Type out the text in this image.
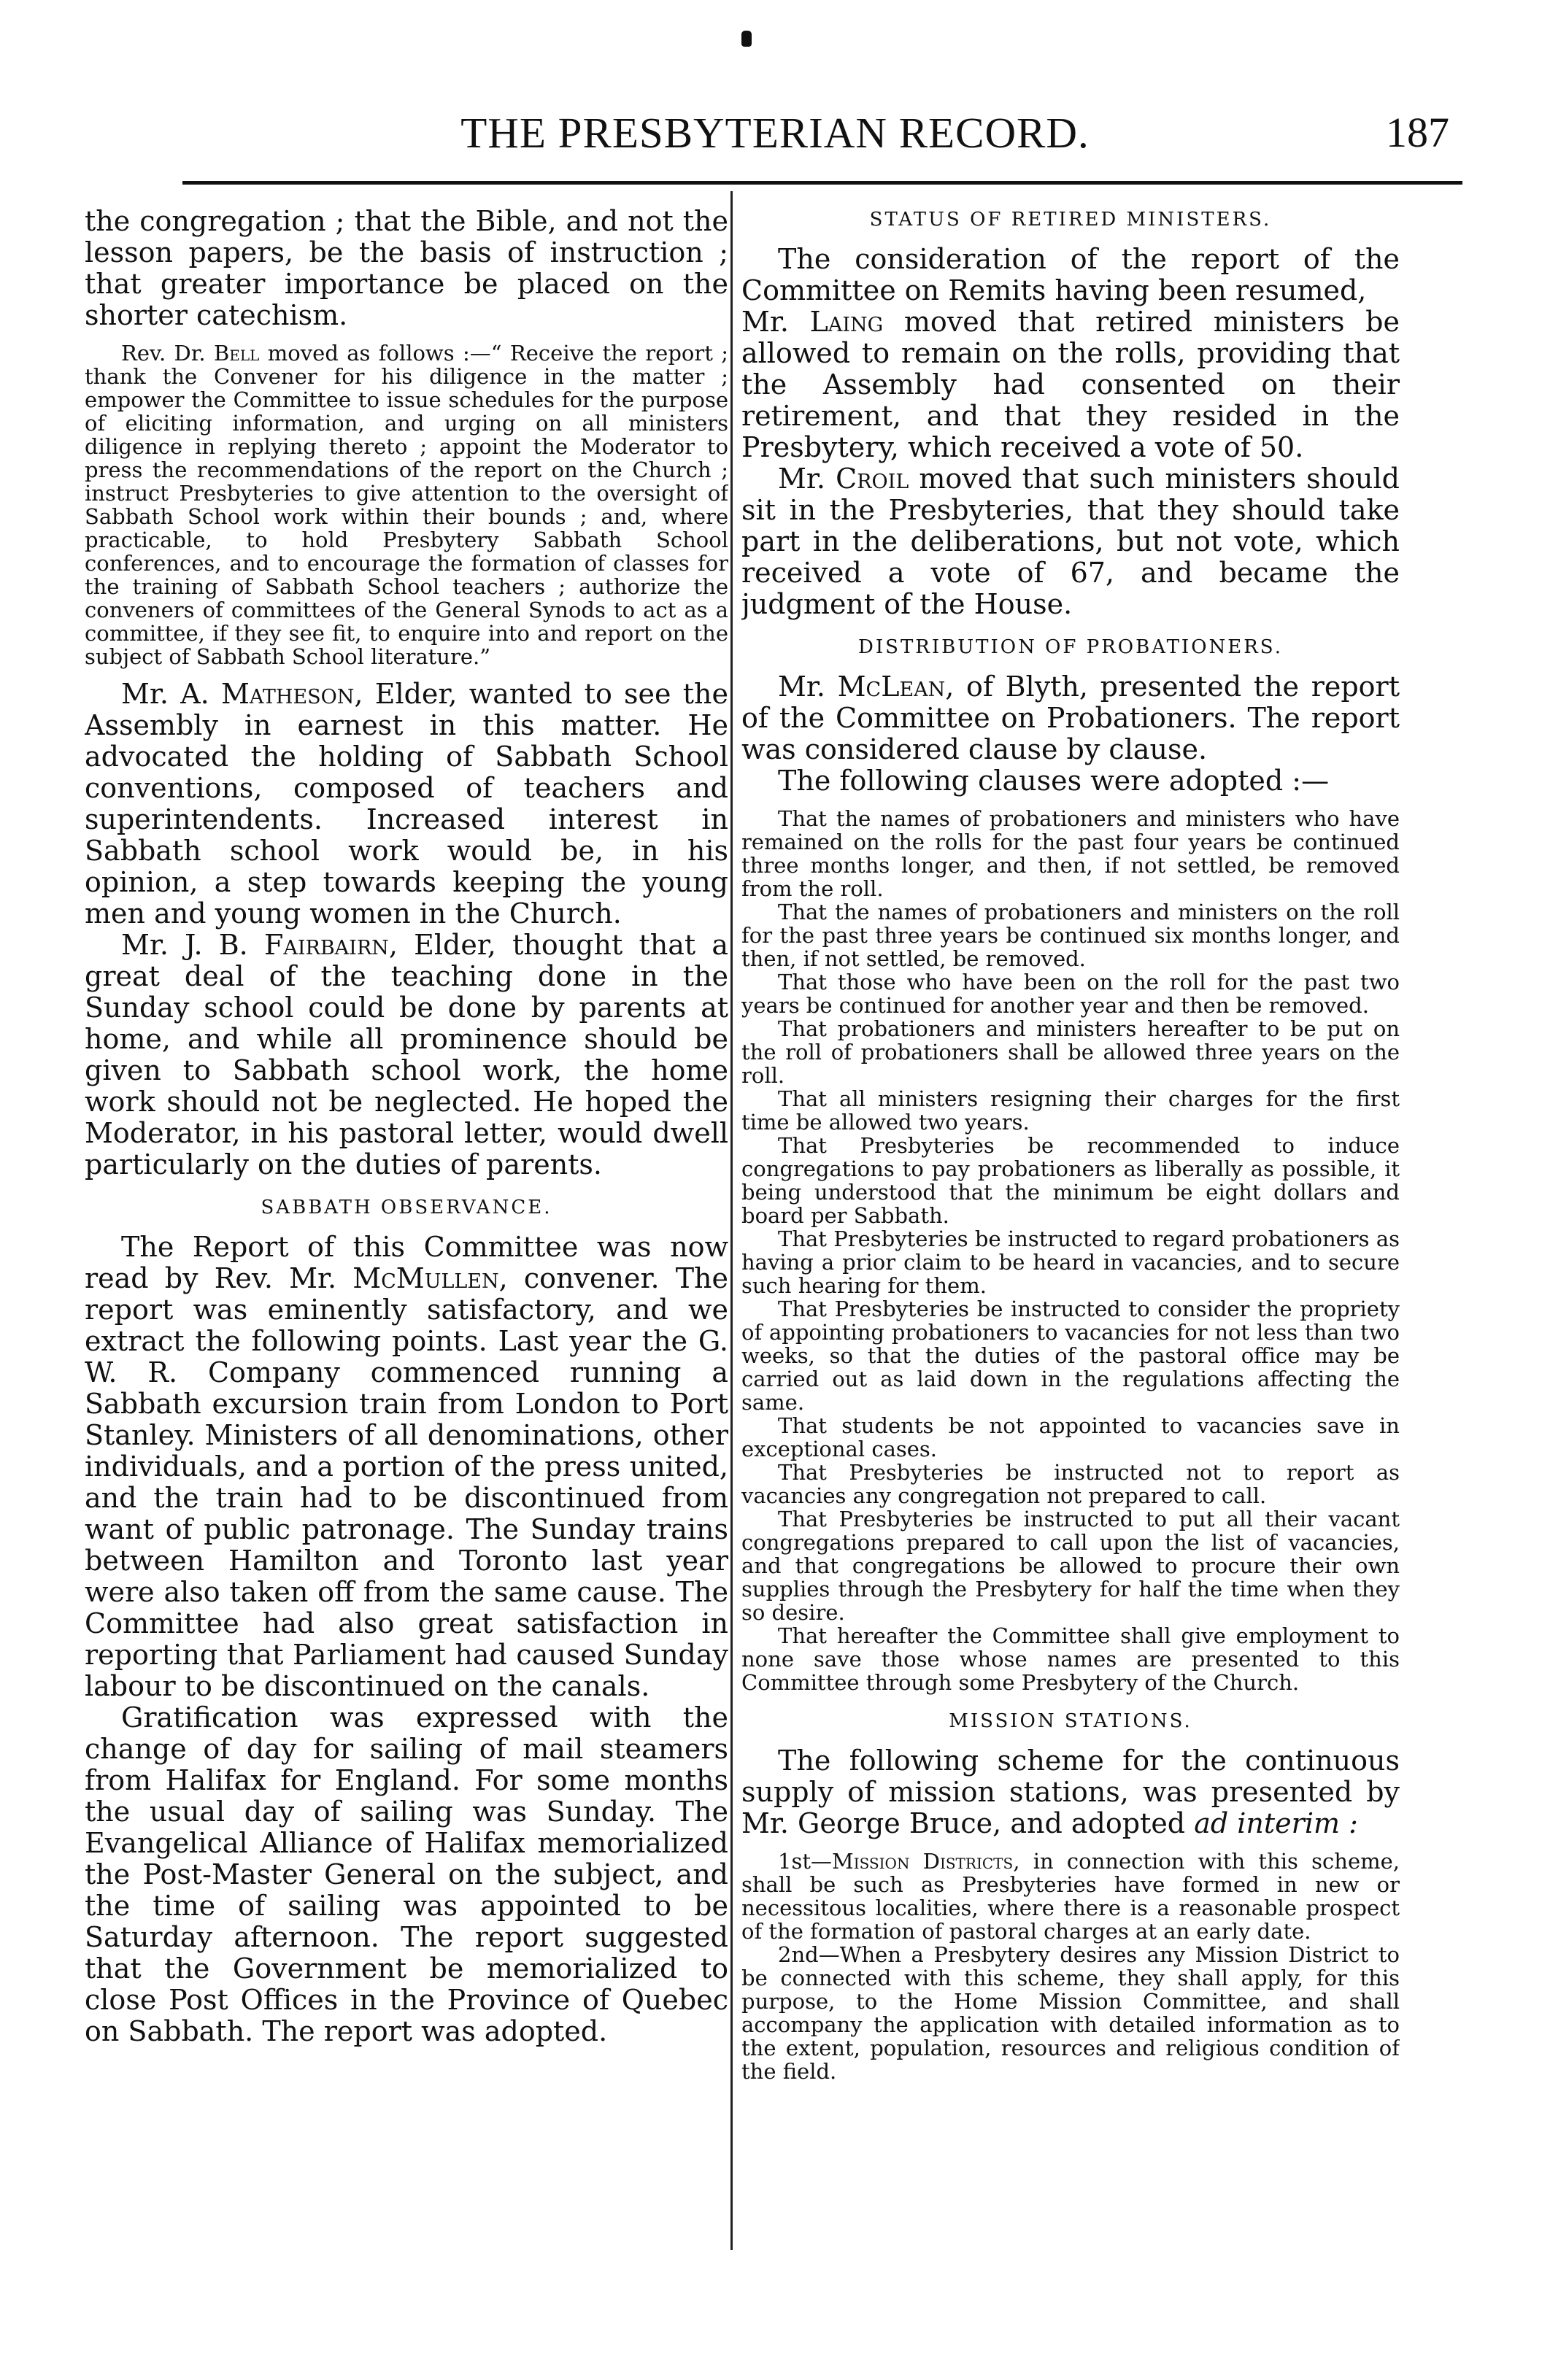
THE PRESBYTERIAN RECORD.	187

the congregation ; that the Bible, and not the lesson papers, be the basis of instruction ; that greater importance be placed on the shorter catechism.

Rev. Dr. Bell moved as follows :—“ Receive the report ; thank the Convener for his diligence in the matter ; empower the Committee to issue schedules for the purpose of eliciting information, and urging on all ministers diligence in replying thereto ; appoint the Moderator to press the recommendations of the report on the Church ; instruct Presbyteries to give attention to the oversight of Sabbath School work within their bounds ; and, where practicable, to hold Presbytery Sabbath School conferences, and to encourage the formation of classes for the training of Sabbath School teachers ; authorize the conveners of committees of the General Synods to act as a committee, if they see fit, to enquire into and report on the subject of Sabbath School literature.”

Mr. A. Matheson, Elder, wanted to see the Assembly in earnest in this matter. He advocated the holding of Sabbath School conventions, composed of teachers and superintendents. Increased interest in Sabbath school work would be, in his opinion, a step towards keeping the young men and young women in the Church.

Mr. J. B. Fairbairn, Elder, thought that a great deal of the teaching done in the Sunday school could be done by parents at home, and while all prominence should be given to Sabbath school work, the home work should not be neglected. He hoped the Moderator, in his pastoral letter, would dwell particularly on the duties of parents.

SABBATH OBSERVANCE.

The Report of this Committee was now read by Rev. Mr. McMullen, convener. The report was eminently satisfactory, and we extract the following points. Last year the G. W. R. Company commenced running a Sabbath excursion train from London to Port Stanley. Ministers of all denominations, other individuals, and a portion of the press united, and the train had to be discontinued from want of public patronage. The Sunday trains between Hamilton and Toronto last year were also taken off from the same cause. The Committee had also great satisfaction in reporting that Parliament had caused Sunday labour to be discontinued on the canals.

Gratification was expressed with the change of day for sailing of mail steamers from Halifax for England. For some months the usual day of sailing was Sunday. The Evangelical Alliance of Halifax memorialized the Post-Master General on the subject, and the time of sailing was appointed to be Saturday afternoon. The report suggested that the Government be memorialized to close Post Offices in the Province of Quebec on Sabbath. The report was adopted.

STATUS OF RETIRED MINISTERS.

The consideration of the report of the Committee on Remits having been resumed,

Mr. Laing moved that retired ministers be allowed to remain on the rolls, providing that the Assembly had consented on their retirement, and that they resided in the Presbytery, which received a vote of 50.

Mr. Croil moved that such ministers should sit in the Presbyteries, that they should take part in the deliberations, but not vote, which received a vote of 67, and became the judgment of the House.

DISTRIBUTION OF PROBATIONERS.

Mr. McLean, of Blyth, presented the report of the Committee on Probationers. The report was considered clause by clause.

The following clauses were adopted :—

That the names of probationers and ministers who have remained on the rolls for the past four years be continued three months longer, and then, if not settled, be removed from the roll.

That the names of probationers and ministers on the roll for the past three years be continued six months longer, and then, if not settled, be removed.

That those who have been on the roll for the past two years be continued for another year and then be removed.

That probationers and ministers hereafter to be put on the roll of probationers shall be allowed three years on the roll.

That all ministers resigning their charges for the first time be allowed two years.

That Presbyteries be recommended to induce congregations to pay probationers as liberally as possible, it being understood that the minimum be eight dollars and board per Sabbath.

That Presbyteries be instructed to regard probationers as having a prior claim to be heard in vacancies, and to secure such hearing for them.

That Presbyteries be instructed to consider the propriety of appointing probationers to vacancies for not less than two weeks, so that the duties of the pastoral office may be carried out as laid down in the regulations affecting the same.

That students be not appointed to vacancies save in exceptional cases.

That Presbyteries be instructed not to report as vacancies any congregation not prepared to call.

That Presbyteries be instructed to put all their vacant congregations prepared to call upon the list of vacancies, and that congregations be allowed to procure their own supplies through the Presbytery for half the time when they so desire.

That hereafter the Committee shall give employment to none save those whose names are presented to this Committee through some Presbytery of the Church.

MISSION STATIONS.

The following scheme for the continuous supply of mission stations, was presented by Mr. George Bruce, and adopted ad interim :

1st—Mission Districts, in connection with this scheme, shall be such as Presbyteries have formed in new or necessitous localities, where there is a reasonable prospect of the formation of pastoral charges at an early date.

2nd—When a Presbytery desires any Mission District to be connected with this scheme, they shall apply, for this purpose, to the Home Mission Committee, and shall accompany the application with detailed information as to the extent, population, resources and religious condition of the field.
